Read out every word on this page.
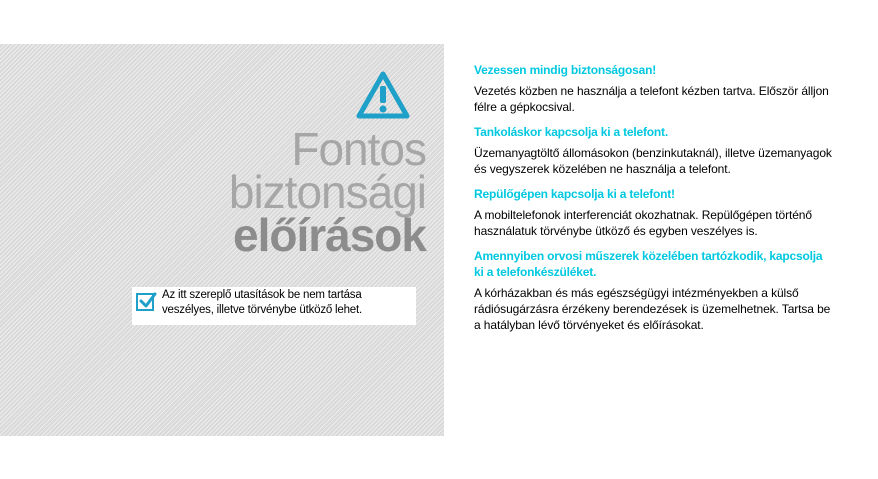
Fontos
biztonsági
előírások
Az itt szereplő utasítások be nem tartása veszélyes, illetve törvénybe ütköző lehet.
Vezessen mindig biztonságosan!
Vezetés közben ne használja a telefont kézben tartva. Először álljon félre a gépkocsival.
Tankoláskor kapcsolja ki a telefont.
Üzemanyagtöltő állomásokon (benzinkutaknál), illetve üzemanyagok és vegyszerek közelében ne használja a telefont.
Repülőgépen kapcsolja ki a telefont!
A mobiltelefonok interferenciát okozhatnak. Repülőgépen történő használatuk törvénybe ütköző és egyben veszélyes is.
Amennyiben orvosi műszerek közelében tartózkodik, kapcsolja ki a telefonkészüléket.
A kórházakban és más egészségügyi intézményekben a külső rádiósugárzásra érzékeny berendezések is üzemelhetnek. Tartsa be a hatályban lévő törvényeket és előírásokat.
